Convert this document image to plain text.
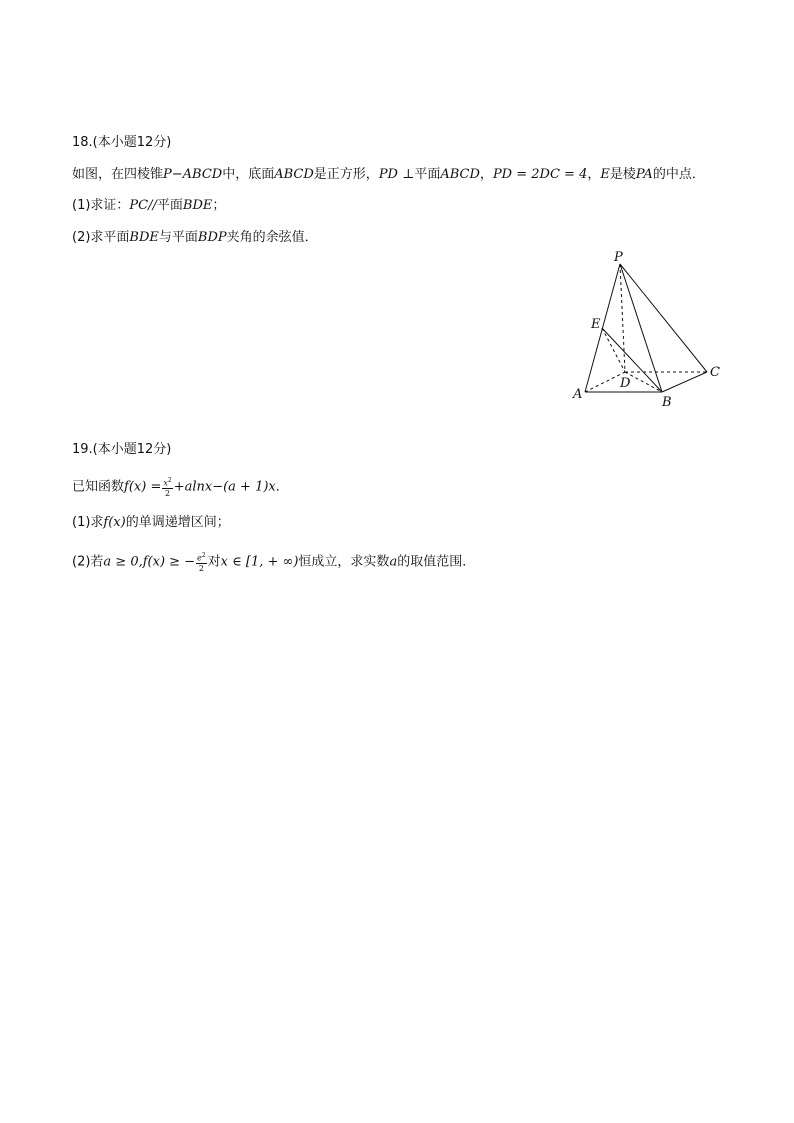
18.(本小题12分)
如图，在四棱锥P−ABCD中，底面ABCD是正方形，PD ⊥平面ABCD，PD = 2DC = 4，E是棱PA的中点．
(1)求证：PC//平面BDE；
(2)求平面BDE与平面BDP夹角的余弦值．
P
E
D
C
A
B
19.(本小题12分)
已知函数$f(x) = \frac{x^2}{2} +alnx-(a + 1)x$．
(1)求f(x)的单调递增区间；
(2)若a ≥ 0,f(x) ≥ − $\frac{e^2}{2}$ 对x ∈ [1, + ∞)恒成立，求实数a的取值范围．
